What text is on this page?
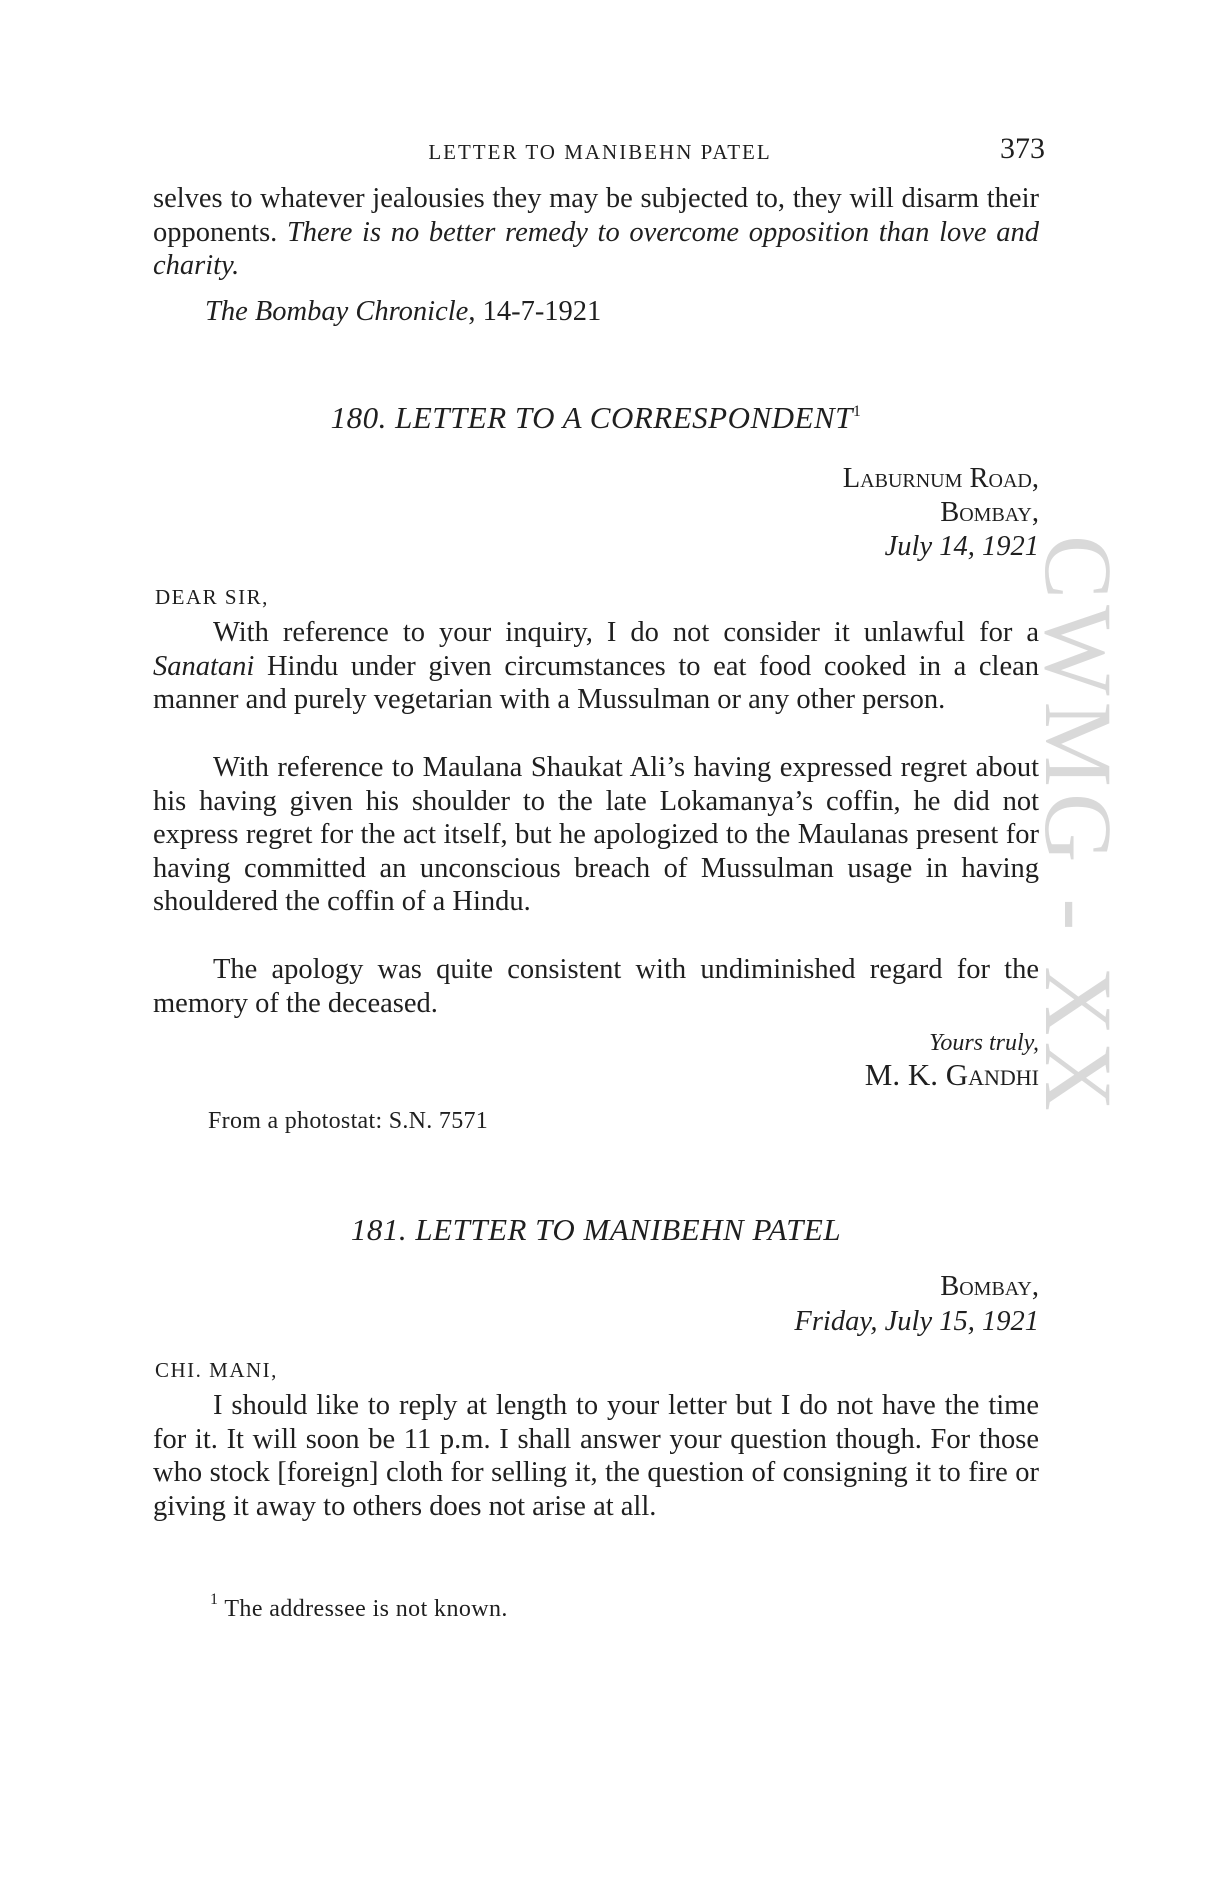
LETTER TO MANIBEHN PATEL	373

selves to whatever jealousies they may be subjected to, they will disarm their opponents. There is no better remedy to overcome opposition than love and charity.

The Bombay Chronicle, 14-7-1921
180. LETTER TO A CORRESPONDENT$^1$
Laburnum Road,
Bombay,
July 14, 1921
DEAR SIR,

With reference to your inquiry, I do not consider it unlawful for a Sanatani Hindu under given circumstances to eat food cooked in a clean manner and purely vegetarian with a Mussulman or any other person.

With reference to Maulana Shaukat Ali’s having expressed regret about his having given his shoulder to the late Lokamanya’s coffin, he did not express regret for the act itself, but he apologized to the Maulanas present for having committed an unconscious breach of Mussulman usage in having shouldered the coffin of a Hindu.

The apology was quite consistent with undiminished regard for the memory of the deceased.

Yours truly,
M. K. Gandhi
From a photostat: S.N. 7571
181. LETTER TO MANIBEHN PATEL
Bombay,
Friday, July 15, 1921
CHI. MANI,

I should like to reply at length to your letter but I do not have the time for it. It will soon be 11 p.m. I shall answer your question though. For those who stock [foreign] cloth for selling it, the question of consigning it to fire or giving it away to others does not arise at all.

$^1$ The addressee is not known.
CWMG - XX
